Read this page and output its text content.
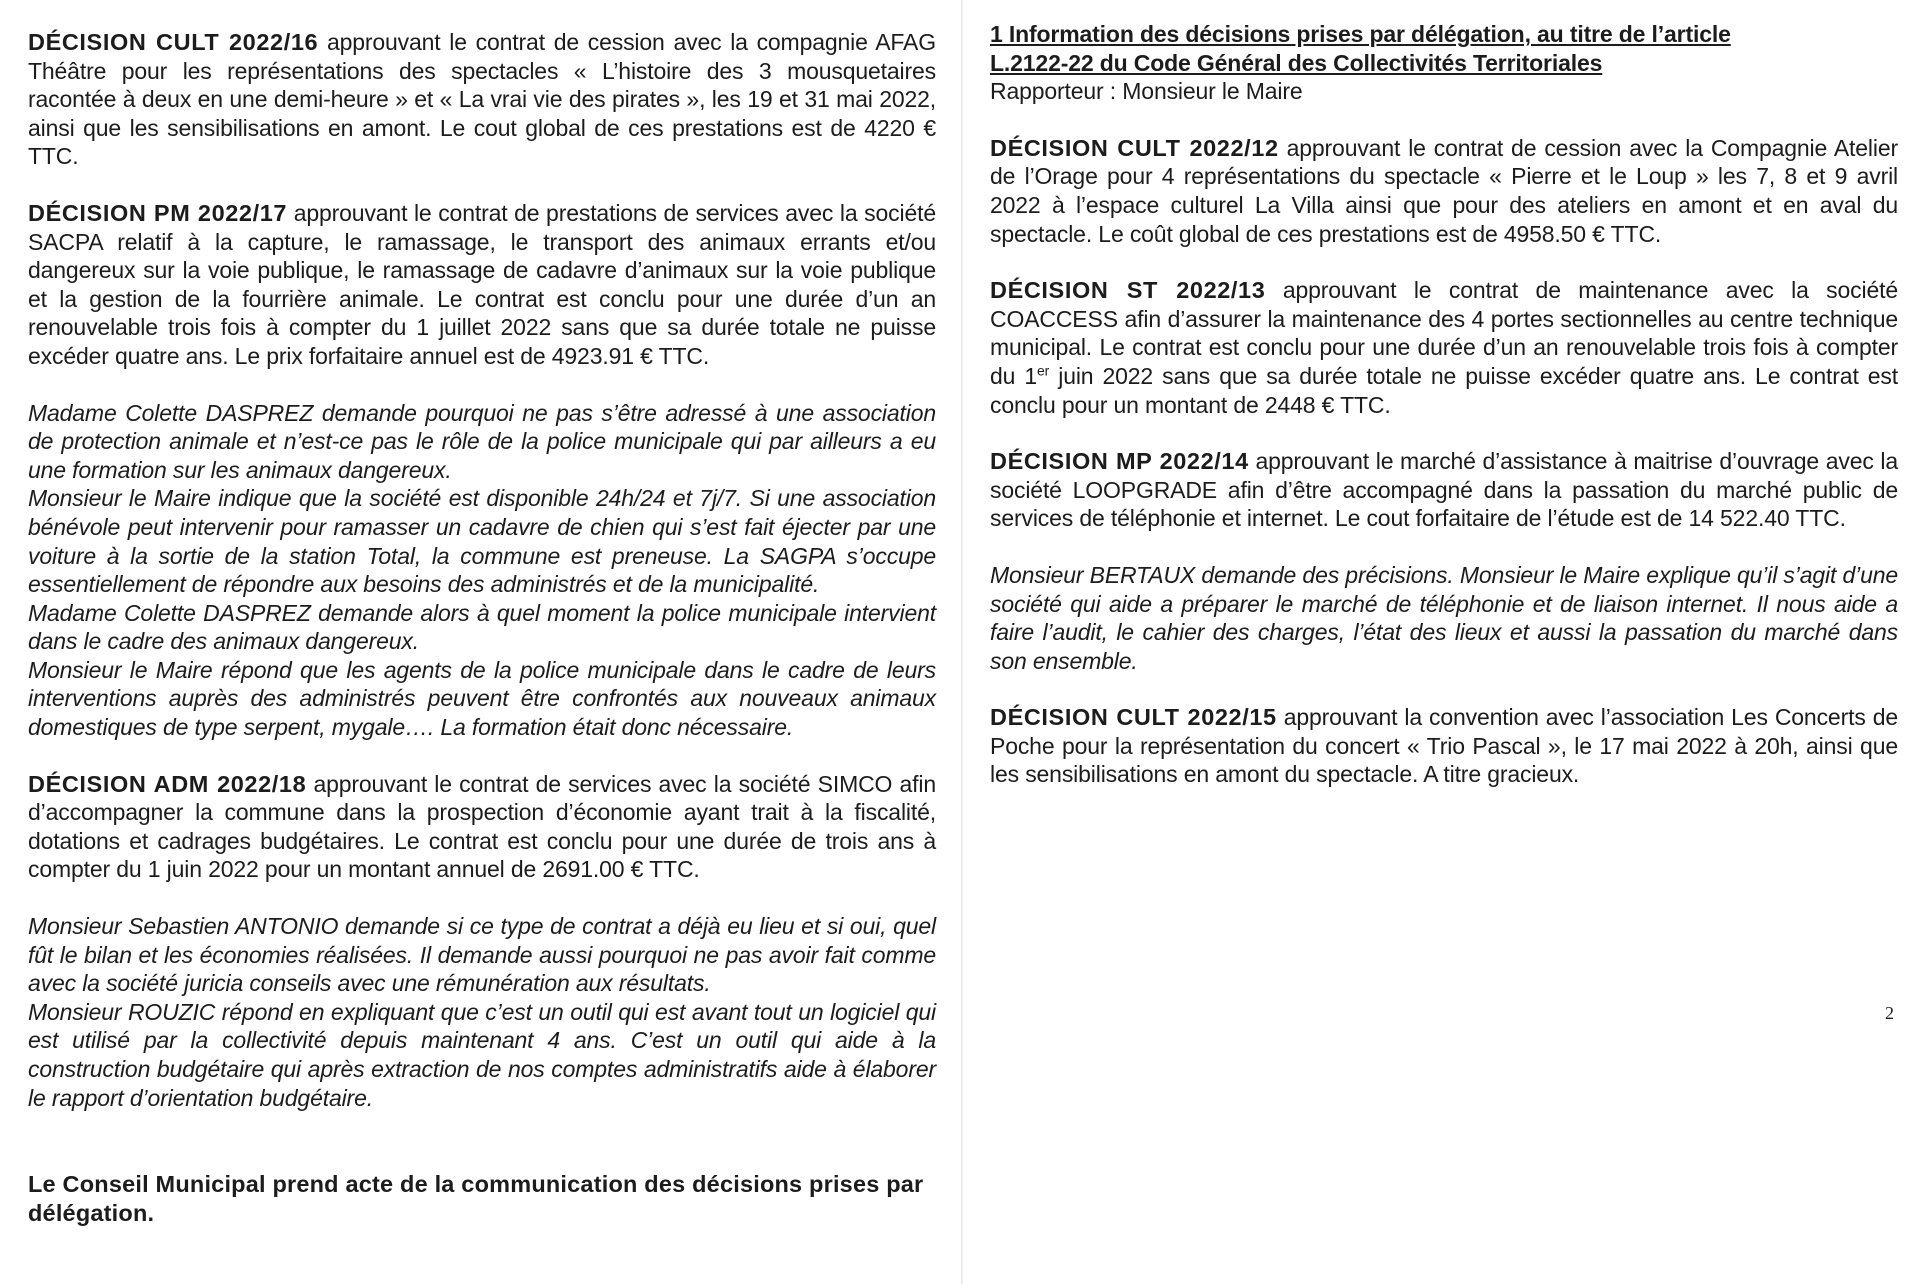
DÉCISION CULT 2022/16 approuvant le contrat de cession avec la compagnie AFAG Théâtre pour les représentations des spectacles « L’histoire des 3 mousquetaires racontée à deux en une demi-heure » et « La vrai vie des pirates », les 19 et 31 mai 2022, ainsi que les sensibilisations en amont. Le cout global de ces prestations est de 4220 € TTC.

DÉCISION PM 2022/17 approuvant le contrat de prestations de services avec la société SACPA relatif à la capture, le ramassage, le transport des animaux errants et/ou dangereux sur la voie publique, le ramassage de cadavre d’animaux sur la voie publique et la gestion de la fourrière animale. Le contrat est conclu pour une durée d’un an renouvelable trois fois à compter du 1 juillet 2022 sans que sa durée totale ne puisse excéder quatre ans. Le prix forfaitaire annuel est de 4923.91 € TTC.

Madame Colette DASPREZ demande pourquoi ne pas s’être adressé à une association de protection animale et n’est-ce pas le rôle de la police municipale qui par ailleurs a eu une formation sur les animaux dangereux.

Monsieur le Maire indique que la société est disponible 24h/24 et 7j/7. Si une association bénévole peut intervenir pour ramasser un cadavre de chien qui s’est fait éjecter par une voiture à la sortie de la station Total, la commune est preneuse. La SAGPA s’occupe essentiellement de répondre aux besoins des administrés et de la municipalité.

Madame Colette DASPREZ demande alors à quel moment la police municipale intervient dans le cadre des animaux dangereux.

Monsieur le Maire répond que les agents de la police municipale dans le cadre de leurs interventions auprès des administrés peuvent être confrontés aux nouveaux animaux domestiques de type serpent, mygale…. La formation était donc nécessaire.

DÉCISION ADM 2022/18 approuvant le contrat de services avec la société SIMCO afin d’accompagner la commune dans la prospection d’économie ayant trait à la fiscalité, dotations et cadrages budgétaires. Le contrat est conclu pour une durée de trois ans à compter du 1 juin 2022 pour un montant annuel de 2691.00 € TTC.

Monsieur Sebastien ANTONIO demande si ce type de contrat a déjà eu lieu et si oui, quel fût le bilan et les économies réalisées. Il demande aussi pourquoi ne pas avoir fait comme avec la société juricia conseils avec une rémunération aux résultats.

Monsieur ROUZIC répond en expliquant que c’est un outil qui est avant tout un logiciel qui est utilisé par la collectivité depuis maintenant 4 ans. C’est un outil qui aide à la construction budgétaire qui après extraction de nos comptes administratifs aide à élaborer le rapport d’orientation budgétaire.

Le Conseil Municipal prend acte de la communication des décisions prises par délégation.

1 Information des décisions prises par délégation, au titre de l’article

L.2122-22 du Code Général des Collectivités Territoriales

Rapporteur : Monsieur le Maire

DÉCISION CULT 2022/12 approuvant le contrat de cession avec la Compagnie Atelier de l’Orage pour 4 représentations du spectacle « Pierre et le Loup » les 7, 8 et 9 avril 2022 à l’espace culturel La Villa ainsi que pour des ateliers en amont et en aval du spectacle. Le coût global de ces prestations est de 4958.50 € TTC.

DÉCISION ST 2022/13 approuvant le contrat de maintenance avec la société COACCESS afin d’assurer la maintenance des 4 portes sectionnelles au centre technique municipal. Le contrat est conclu pour une durée d’un an renouvelable trois fois à compter du 1er juin 2022 sans que sa durée totale ne puisse excéder quatre ans. Le contrat est conclu pour un montant de 2448 € TTC.

DÉCISION MP 2022/14 approuvant le marché d’assistance à maitrise d’ouvrage avec la société LOOPGRADE afin d’être accompagné dans la passation du marché public de services de téléphonie et internet. Le cout forfaitaire de l’étude est de 14 522.40 TTC.

Monsieur BERTAUX demande des précisions. Monsieur le Maire explique qu’il s’agit d’une société qui aide a préparer le marché de téléphonie et de liaison internet. Il nous aide a faire l’audit, le cahier des charges, l’état des lieux et aussi la passation du marché dans son ensemble.

DÉCISION CULT 2022/15 approuvant la convention avec l’association Les Concerts de Poche pour la représentation du concert « Trio Pascal », le 17 mai 2022 à 20h, ainsi que les sensibilisations en amont du spectacle. A titre gracieux.

2
